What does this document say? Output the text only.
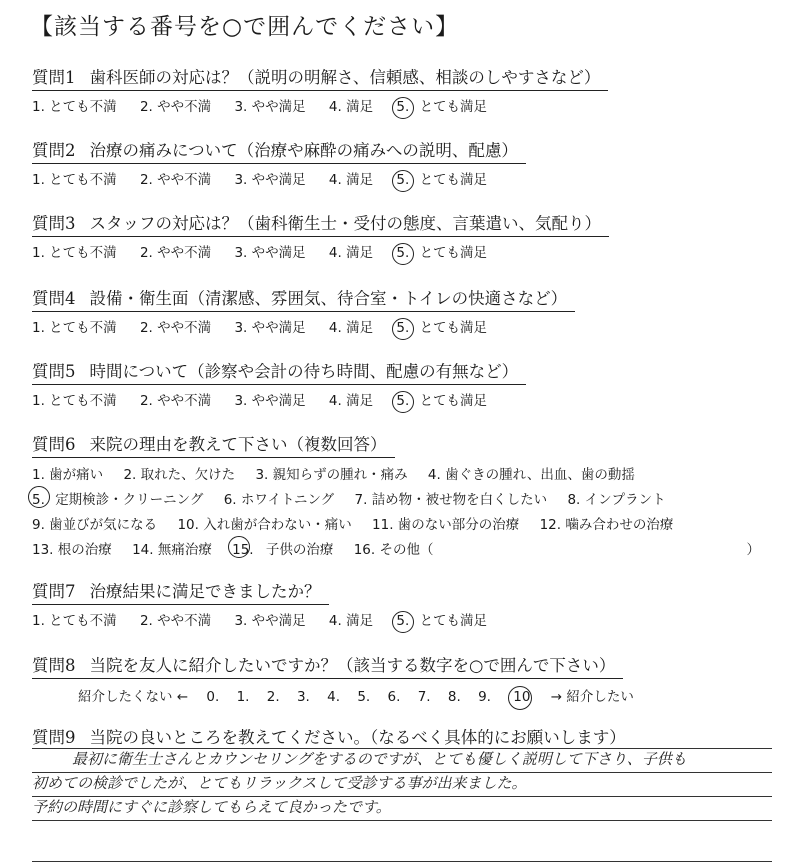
【該当する番号を○で囲んでください】
質問1 歯科医師の対応は？（説明の明解さ、信頼感、相談のしやすさなど）
1. とても不満 2. やや不満 3. やや満足 4. 満足 5. とても満足
質問2 治療の痛みについて（治療や麻酔の痛みへの説明、配慮）
1. とても不満 2. やや不満 3. やや満足 4. 満足 5. とても満足
質問3 スタッフの対応は？（歯科衛生士・受付の態度、言葉遣い、気配り）
1. とても不満 2. やや不満 3. やや満足 4. 満足 5. とても満足
質問4 設備・衛生面（清潔感、雰囲気、待合室・トイレの快適さなど）
1. とても不満 2. やや不満 3. やや満足 4. 満足 5. とても満足
質問5 時間について（診察や会計の待ち時間、配慮の有無など）
1. とても不満 2. やや不満 3. やや満足 4. 満足 5. とても満足
質問6 来院の理由を教えて下さい（複数回答）
1. 歯が痛い 2. 取れた、欠けた 3. 親知らずの腫れ・痛み 4. 歯ぐきの腫れ、出血、歯の動揺
5. 定期検診・クリーニング 6. ホワイトニング 7. 詰め物・被せ物を白くしたい 8. インプラント
9. 歯並びが気になる 10. 入れ歯が合わない・痛い 11. 歯のない部分の治療 12. 噛み合わせの治療
13. 根の治療 14. 無痛治療 15. 子供の治療 16. その他（	）
質問7 治療結果に満足できましたか？
1. とても不満 2. やや不満 3. やや満足 4. 満足 5. とても満足
質問8 当院を友人に紹介したいですか？（該当する数字を○で囲んで下さい）
紹介したくない ← 0. 1. 2. 3. 4. 5. 6. 7. 8. 9. 10 → 紹介したい
質問9 当院の良いところを教えてください。（なるべく具体的にお願いします）
最初に衛生士さんとカウンセリングをするのですが、とても優しく説明して下さり、子供も
初めての検診でしたが、とてもリラックスして受診する事が出来ました。
予約の時間にすぐに診察してもらえて良かったです。
